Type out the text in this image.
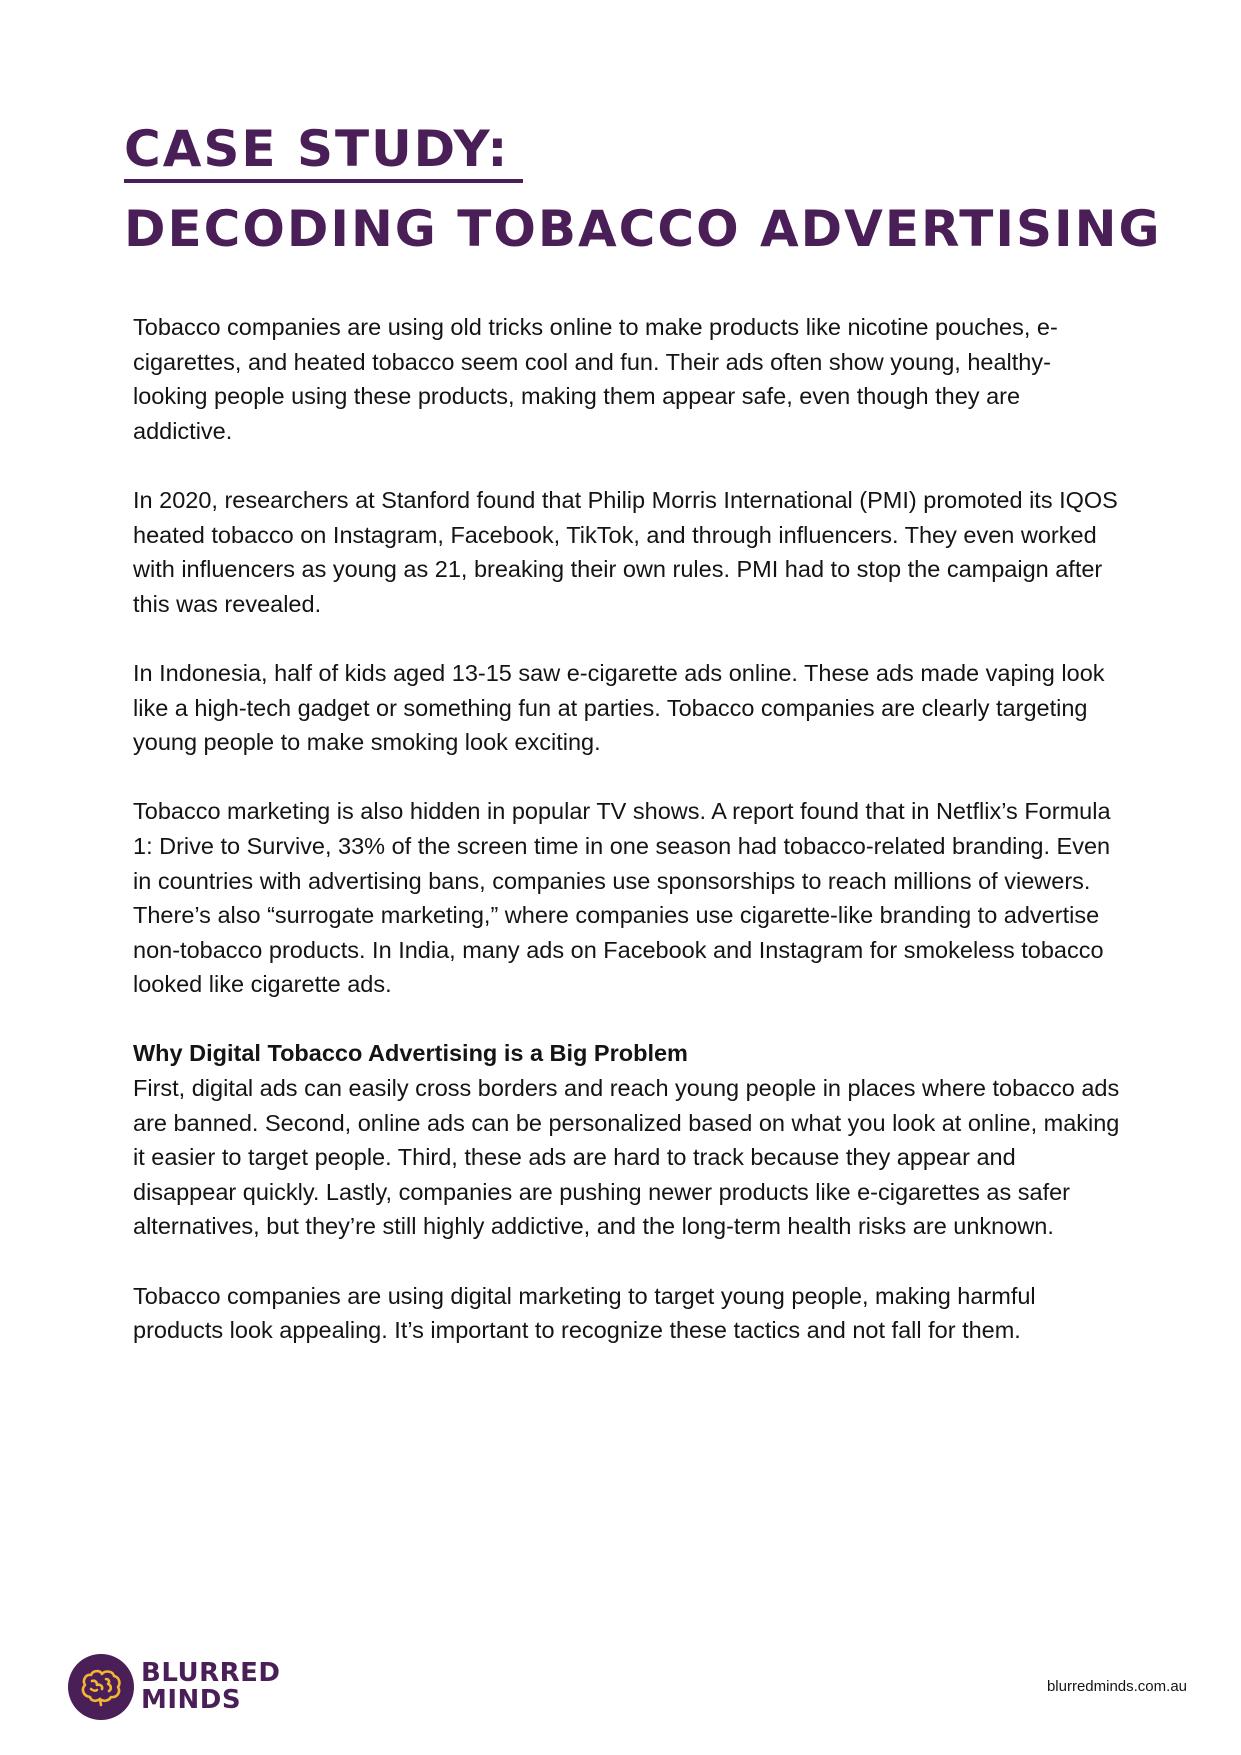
CASE STUDY:
DECODING TOBACCO ADVERTISING

Tobacco companies are using old tricks online to make products like nicotine pouches, e-cigarettes, and heated tobacco seem cool and fun. Their ads often show young, healthy-looking people using these products, making them appear safe, even though they are addictive.

In 2020, researchers at Stanford found that Philip Morris International (PMI) promoted its IQOS heated tobacco on Instagram, Facebook, TikTok, and through influencers. They even worked with influencers as young as 21, breaking their own rules. PMI had to stop the campaign after this was revealed.

In Indonesia, half of kids aged 13-15 saw e-cigarette ads online. These ads made vaping look like a high-tech gadget or something fun at parties. Tobacco companies are clearly targeting young people to make smoking look exciting.

Tobacco marketing is also hidden in popular TV shows. A report found that in Netflix’s Formula 1: Drive to Survive, 33% of the screen time in one season had tobacco-related branding. Even in countries with advertising bans, companies use sponsorships to reach millions of viewers.

There’s also “surrogate marketing,” where companies use cigarette-like branding to advertise non-tobacco products. In India, many ads on Facebook and Instagram for smokeless tobacco looked like cigarette ads.

Why Digital Tobacco Advertising is a Big Problem
First, digital ads can easily cross borders and reach young people in places where tobacco ads are banned. Second, online ads can be personalized based on what you look at online, making it easier to target people. Third, these ads are hard to track because they appear and disappear quickly. Lastly, companies are pushing newer products like e-cigarettes as safer alternatives, but they’re still highly addictive, and the long-term health risks are unknown.

Tobacco companies are using digital marketing to target young people, making harmful products look appealing. It’s important to recognize these tactics and not fall for them.

BLURRED
MINDS	blurredminds.com.au
